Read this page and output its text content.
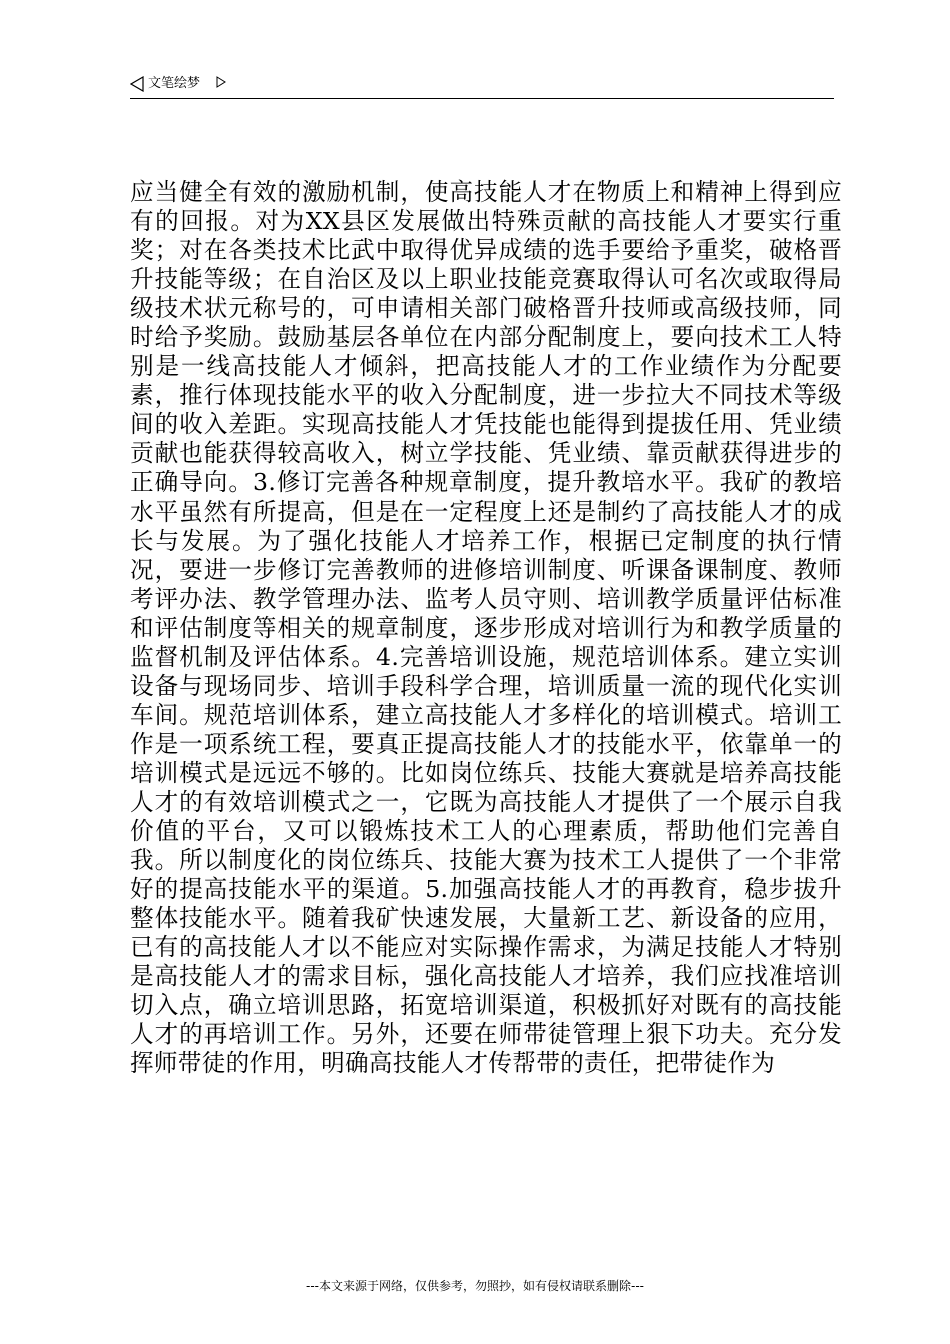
文笔绘梦
应当健全有效的激励机制，使高技能人才在物质上和精神上得到应有的回报。对为XX县区发展做出特殊贡献的高技能人才要实行重奖；对在各类技术比武中取得优异成绩的选手要给予重奖，破格晋升技能等级；在自治区及以上职业技能竞赛取得认可名次或取得局级技术状元称号的，可申请相关部门破格晋升技师或高级技师，同时给予奖励。鼓励基层各单位在内部分配制度上，要向技术工人特别是一线高技能人才倾斜，把高技能人才的工作业绩作为分配要素，推行体现技能水平的收入分配制度，进一步拉大不同技术等级间的收入差距。实现高技能人才凭技能也能得到提拔任用、凭业绩贡献也能获得较高收入，树立学技能、凭业绩、靠贡献获得进步的正确导向。3.修订完善各种规章制度，提升教培水平。我矿的教培水平虽然有所提高，但是在一定程度上还是制约了高技能人才的成长与发展。为了强化技能人才培养工作，根据已定制度的执行情况，要进一步修订完善教师的进修培训制度、听课备课制度、教师考评办法、教学管理办法、监考人员守则、培训教学质量评估标准和评估制度等相关的规章制度，逐步形成对培训行为和教学质量的监督机制及评估体系。4.完善培训设施，规范培训体系。建立实训设备与现场同步、培训手段科学合理，培训质量一流的现代化实训车间。规范培训体系，建立高技能人才多样化的培训模式。培训工作是一项系统工程，要真正提高技能人才的技能水平，依靠单一的培训模式是远远不够的。比如岗位练兵、技能大赛就是培养高技能人才的有效培训模式之一，它既为高技能人才提供了一个展示自我价值的平台，又可以锻炼技术工人的心理素质，帮助他们完善自我。所以制度化的岗位练兵、技能大赛为技术工人提供了一个非常好的提高技能水平的渠道。5.加强高技能人才的再教育，稳步拔升整体技能水平。随着我矿快速发展，大量新工艺、新设备的应用，已有的高技能人才以不能应对实际操作需求，为满足技能人才特别是高技能人才的需求目标，强化高技能人才培养，我们应找准培训切入点，确立培训思路，拓宽培训渠道，积极抓好对既有的高技能人才的再培训工作。另外，还要在师带徒管理上狠下功夫。充分发挥师带徒的作用，明确高技能人才传帮带的责任，把带徒作为
---本文来源于网络，仅供参考，勿照抄，如有侵权请联系删除---
